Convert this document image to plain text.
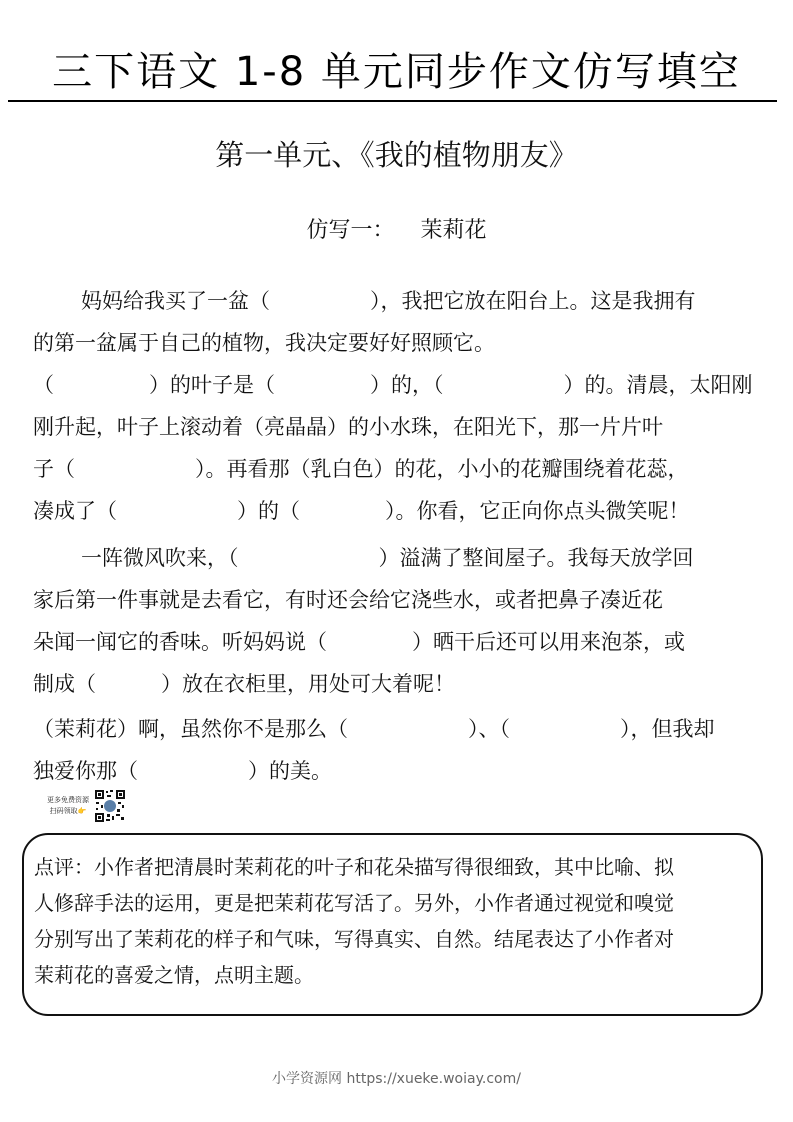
三下语文 1-8 单元同步作文仿写填空
第一单元、《我的植物朋友》
仿写一： 茉莉花
妈妈给我买了一盆（	），我把它放在阳台上。这是我拥有
的第一盆属于自己的植物，我决定要好好照顾它。
（	）的叶子是（	）的，（	）的。清晨，太阳刚
刚升起，叶子上滚动着（亮晶晶）的小水珠，在阳光下，那一片片叶
子（	）。再看那（乳白色）的花，小小的花瓣围绕着花蕊，
凑成了（	）的（	）。你看，它正向你点头微笑呢！
一阵微风吹来，（	）溢满了整间屋子。我每天放学回
家后第一件事就是去看它，有时还会给它浇些水，或者把鼻子凑近花
朵闻一闻它的香味。听妈妈说（	）晒干后还可以用来泡茶，或
制成（	）放在衣柜里，用处可大着呢！
（茉莉花）啊，虽然你不是那么（	）、（	），但我却
独爱你那（	）的美。
更多免费资源
扫码领取👉
点评：小作者把清晨时茉莉花的叶子和花朵描写得很细致，其中比喻、拟
人修辞手法的运用，更是把茉莉花写活了。另外，小作者通过视觉和嗅觉
分别写出了茉莉花的样子和气味，写得真实、自然。结尾表达了小作者对
茉莉花的喜爱之情，点明主题。
小学资源网 https://xueke.woiay.com/
